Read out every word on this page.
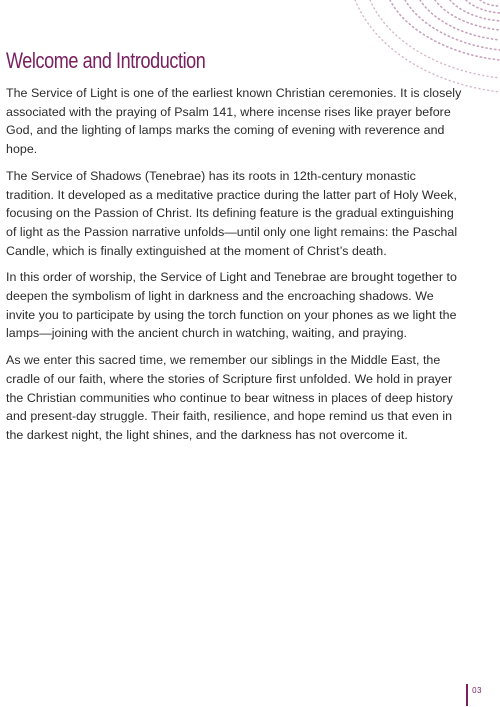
Welcome and Introduction

The Service of Light is one of the earliest known Christian ceremonies. It is closely associated with the praying of Psalm 141, where incense rises like prayer before God, and the lighting of lamps marks the coming of evening with reverence and hope.

The Service of Shadows (Tenebrae) has its roots in 12th-century monastic tradition. It developed as a meditative practice during the latter part of Holy Week, focusing on the Passion of Christ. Its defining feature is the gradual extinguishing of light as the Passion narrative unfolds—until only one light remains: the Paschal Candle, which is finally extinguished at the moment of Christ’s death.

In this order of worship, the Service of Light and Tenebrae are brought together to deepen the symbolism of light in darkness and the encroaching shadows. We invite you to participate by using the torch function on your phones as we light the lamps—joining with the ancient church in watching, waiting, and praying.

As we enter this sacred time, we remember our siblings in the Middle East, the cradle of our faith, where the stories of Scripture first unfolded. We hold in prayer the Christian communities who continue to bear witness in places of deep history and present-day struggle. Their faith, resilience, and hope remind us that even in the darkest night, the light shines, and the darkness has not overcome it.

03
